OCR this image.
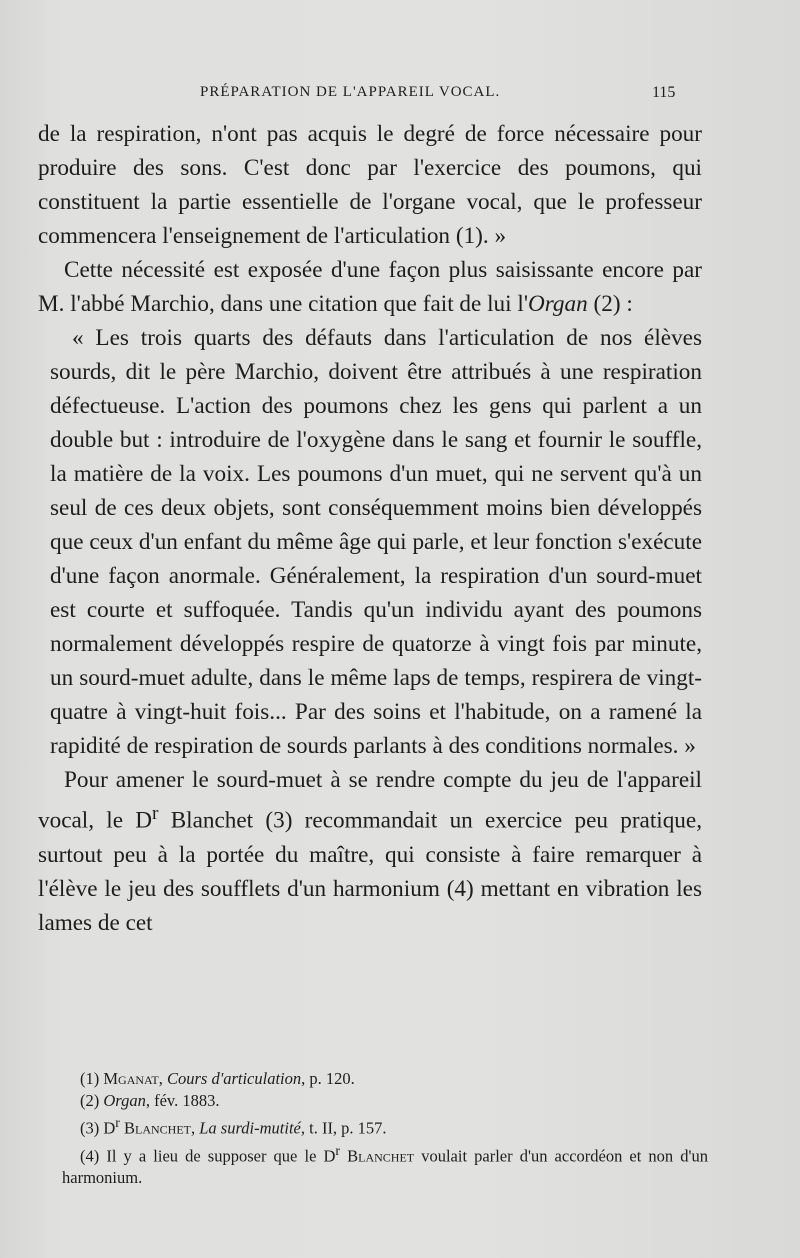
PRÉPARATION DE L'APPAREIL VOCAL.	115

de la respiration, n'ont pas acquis le degré de force nécessaire pour produire des sons. C'est donc par l'exercice des poumons, qui constituent la partie essentielle de l'organe vocal, que le professeur commencera l'enseignement de l'articulation (1). »

Cette nécessité est exposée d'une façon plus saisissante encore par M. l'abbé Marchio, dans une citation que fait de lui l'Organ (2) :

« Les trois quarts des défauts dans l'articulation de nos élèves sourds, dit le père Marchio, doivent être attribués à une respiration défectueuse. L'action des poumons chez les gens qui parlent a un double but : introduire de l'oxygène dans le sang et fournir le souffle, la matière de la voix. Les poumons d'un muet, qui ne servent qu'à un seul de ces deux objets, sont conséquemment moins bien développés que ceux d'un enfant du même âge qui parle, et leur fonction s'exécute d'une façon anormale. Généralement, la respiration d'un sourd-muet est courte et suffoquée. Tandis qu'un individu ayant des poumons normalement développés respire de quatorze à vingt fois par minute, un sourd-muet adulte, dans le même laps de temps, respirera de vingt-quatre à vingt-huit fois... Par des soins et l'habitude, on a ramené la rapidité de respiration de sourds parlants à des conditions normales. »

Pour amener le sourd-muet à se rendre compte du jeu de l'appareil vocal, le $D^r$ Blanchet (3) recommandait un exercice peu pratique, surtout peu à la portée du maître, qui consiste à faire remarquer à l'élève le jeu des soufflets d'un harmonium (4) mettant en vibration les lames de cet

(1) Mganat, Cours d'articulation, p. 120.

(2) Organ, fév. 1883.

(3) $D^r$ Blanchet, La surdi-mutité, t. II, p. 157.

(4) Il y a lieu de supposer que le $D^r$ Blanchet voulait parler d'un accordéon et non d'un harmonium.
